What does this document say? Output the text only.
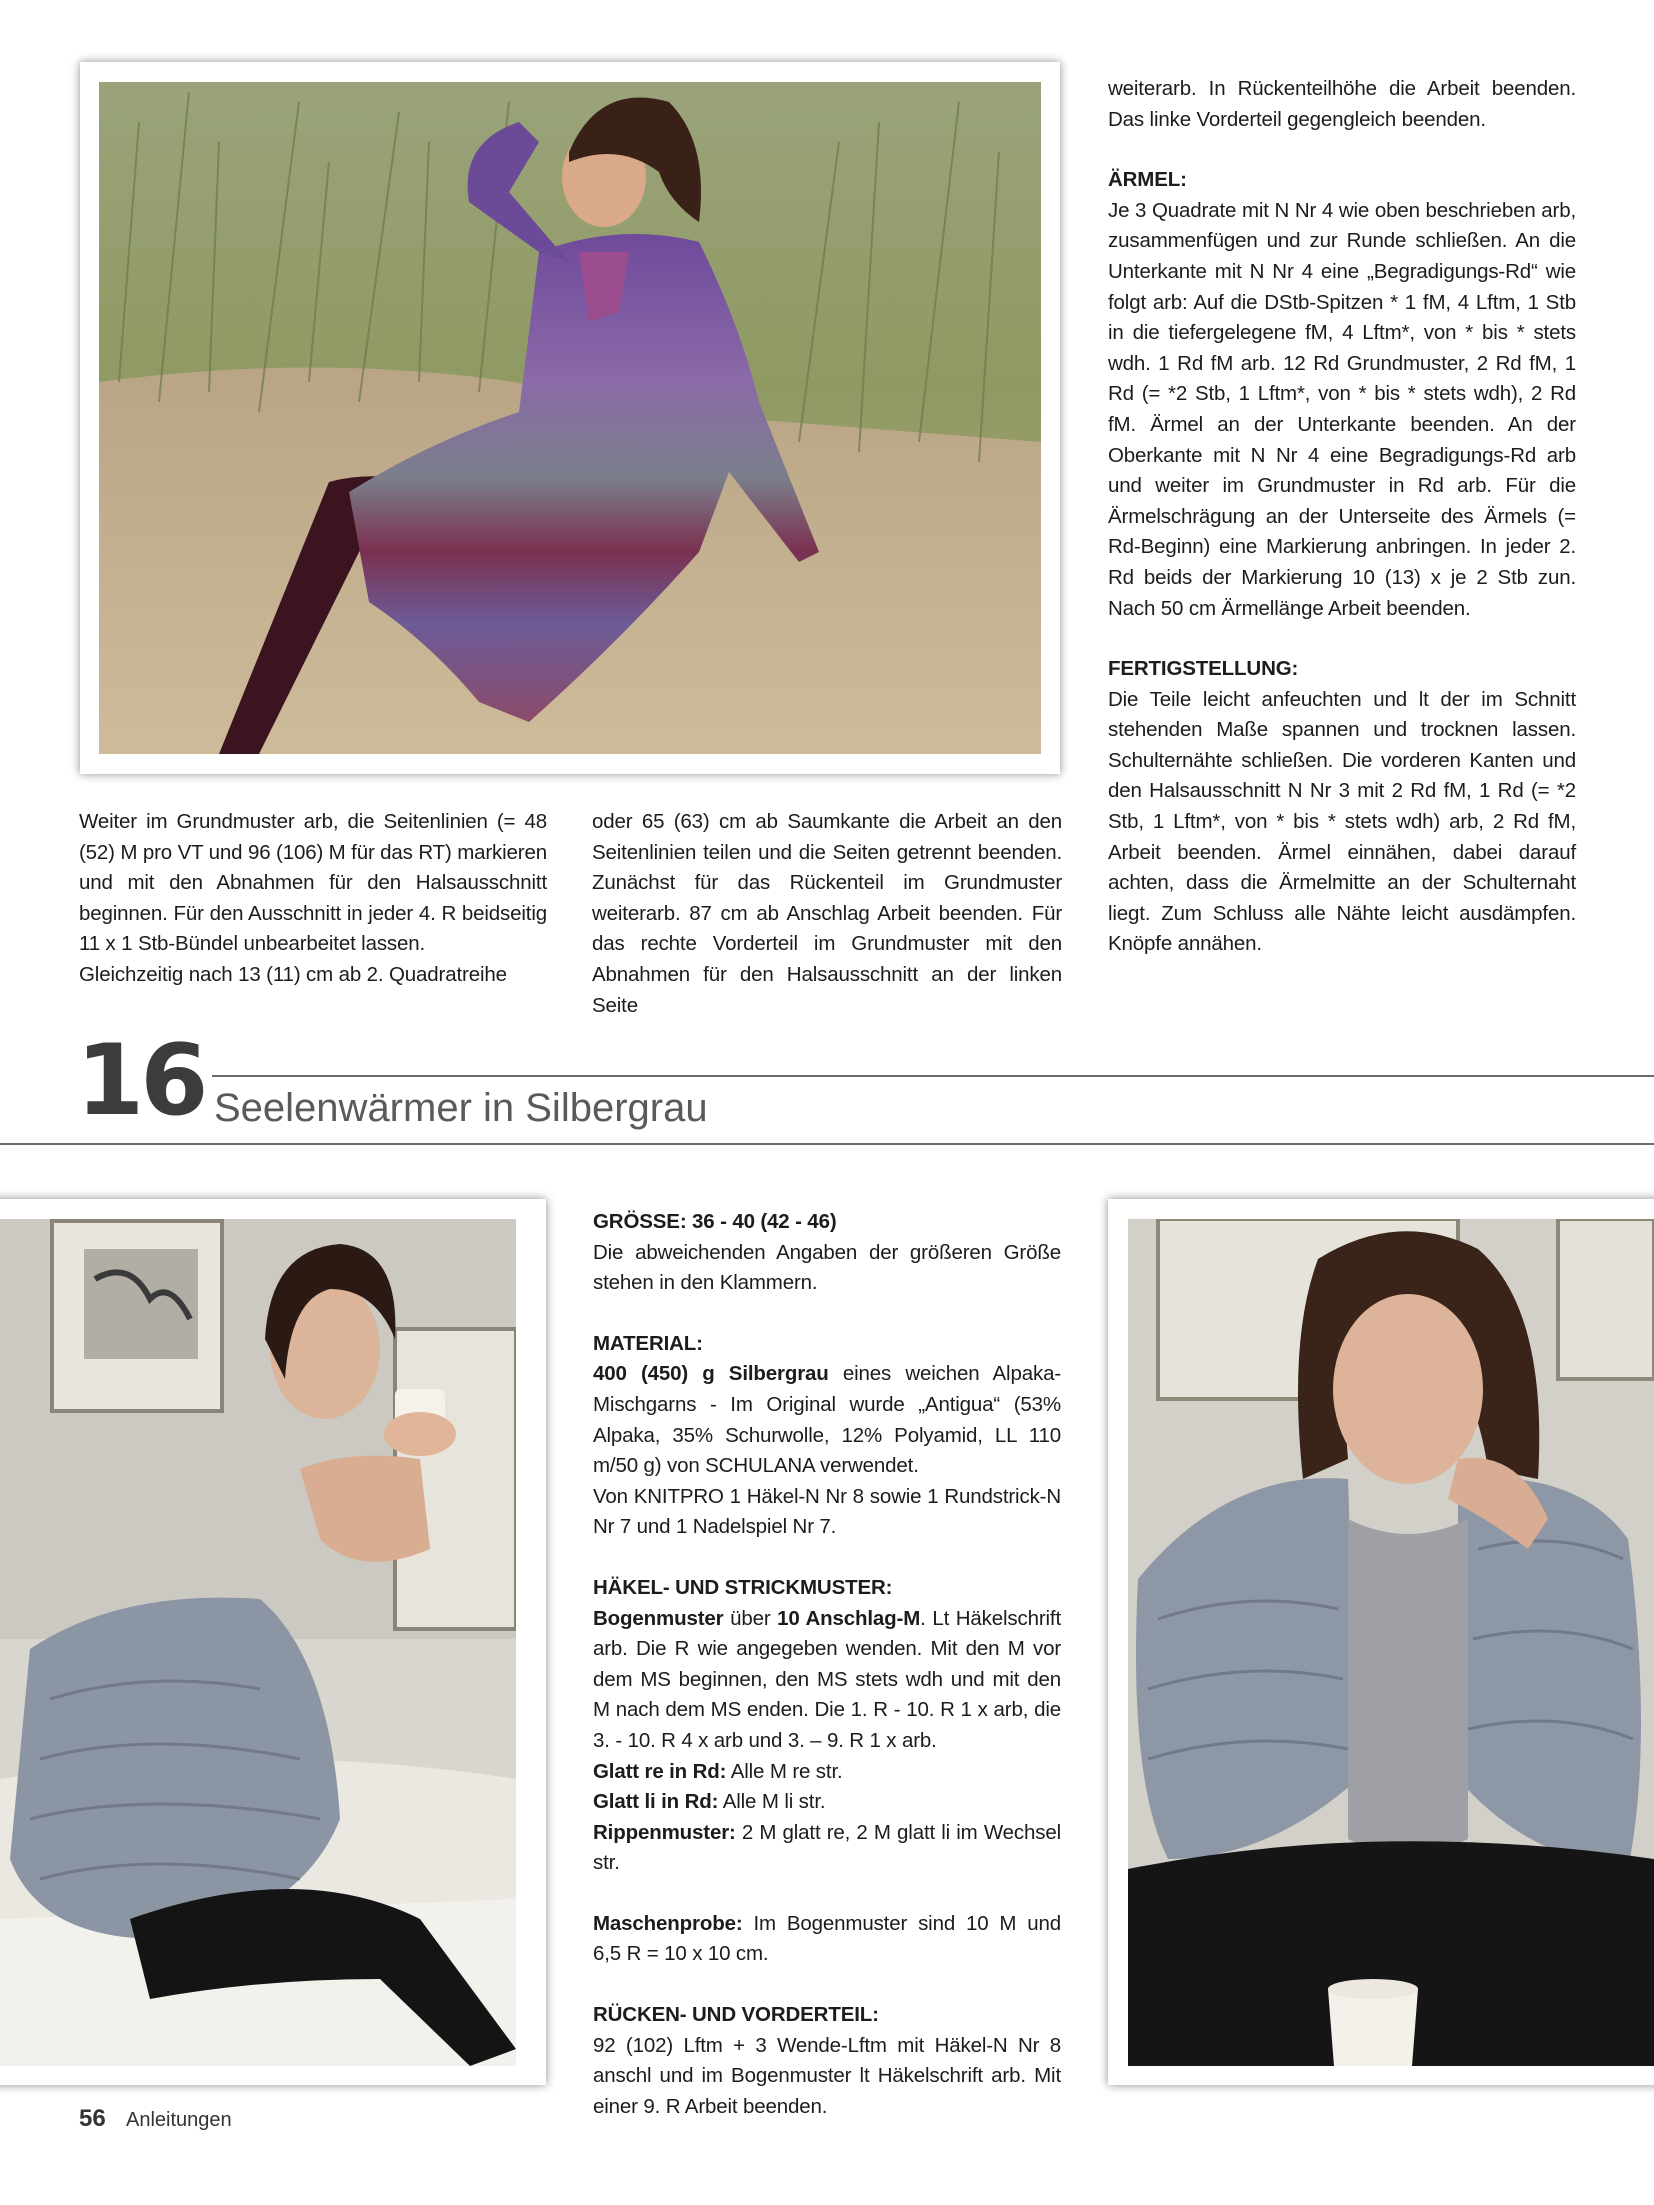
Weiter im Grundmuster arb, die Seitenlinien (= 48 (52) M pro VT und 96 (106) M für das RT) markieren und mit den Abnahmen für den Halsausschnitt beginnen. Für den Ausschnitt in jeder 4. R beidseitig 11 x 1 Stb-Bündel unbearbeitet lassen.

Gleichzeitig nach 13 (11) cm ab 2. Quadratreihe

oder 65 (63) cm ab Saumkante die Arbeit an den Seitenlinien teilen und die Seiten getrennt beenden. Zunächst für das Rückenteil im Grundmuster weiterarb. 87 cm ab Anschlag Arbeit beenden. Für das rechte Vorderteil im Grundmuster mit den Abnahmen für den Halsausschnitt an der linken Seite

weiterarb. In Rückenteilhöhe die Arbeit beenden. Das linke Vorderteil gegengleich beenden.

ÄRMEL:

Je 3 Quadrate mit N Nr 4 wie oben beschrieben arb, zusammenfügen und zur Runde schließen. An die Unterkante mit N Nr 4 eine „Begradigungs-Rd“ wie folgt arb: Auf die DStb-Spitzen * 1 fM, 4 Lftm, 1 Stb in die tiefergelegene fM, 4 Lftm*, von * bis * stets wdh. 1 Rd fM arb. 12 Rd Grundmuster, 2 Rd fM, 1 Rd (= *2 Stb, 1 Lftm*, von * bis * stets wdh), 2 Rd fM. Ärmel an der Unterkante beenden. An der Oberkante mit N Nr 4 eine Begradigungs-Rd arb und weiter im Grundmuster in Rd arb. Für die Ärmelschrägung an der Unterseite des Ärmels (= Rd-Beginn) eine Markierung anbringen. In jeder 2. Rd beids der Markierung 10 (13) x je 2 Stb zun. Nach 50 cm Ärmellänge Arbeit beenden.

FERTIGSTELLUNG:

Die Teile leicht anfeuchten und lt der im Schnitt stehenden Maße spannen und trocknen lassen. Schulternähte schließen. Die vorderen Kanten und den Halsausschnitt N Nr 3 mit 2 Rd fM, 1 Rd (= *2 Stb, 1 Lftm*, von * bis * stets wdh) arb, 2 Rd fM, Arbeit beenden. Ärmel einnähen, dabei darauf achten, dass die Ärmelmitte an der Schulternaht liegt. Zum Schluss alle Nähte leicht ausdämpfen. Knöpfe annähen.

16 Seelenwärmer in Silbergrau

GRÖSSE: 36 - 40 (42 - 46)

Die abweichenden Angaben der größeren Größe stehen in den Klammern.

MATERIAL:

400 (450) g Silbergrau eines weichen Alpaka-Mischgarns - Im Original wurde „Antigua“ (53% Alpaka, 35% Schurwolle, 12% Polyamid, LL 110 m/50 g) von SCHULANA verwendet.

Von KNITPRO 1 Häkel-N Nr 8 sowie 1 Rundstrick-N Nr 7 und 1 Nadelspiel Nr 7.

HÄKEL- UND STRICKMUSTER:

Bogenmuster über 10 Anschlag-M. Lt Häkelschrift arb. Die R wie angegeben wenden. Mit den M vor dem MS beginnen, den MS stets wdh und mit den M nach dem MS enden. Die 1. R - 10. R 1 x arb, die 3. - 10. R 4 x arb und 3. – 9. R 1 x arb.

Glatt re in Rd: Alle M re str.

Glatt li in Rd: Alle M li str.

Rippenmuster: 2 M glatt re, 2 M glatt li im Wechsel str.

Maschenprobe: Im Bogenmuster sind 10 M und 6,5 R = 10 x 10 cm.

RÜCKEN- UND VORDERTEIL:

92 (102) Lftm + 3 Wende-Lftm mit Häkel-N Nr 8 anschl und im Bogenmuster lt Häkelschrift arb. Mit einer 9. R Arbeit beenden.

56 Anleitungen
